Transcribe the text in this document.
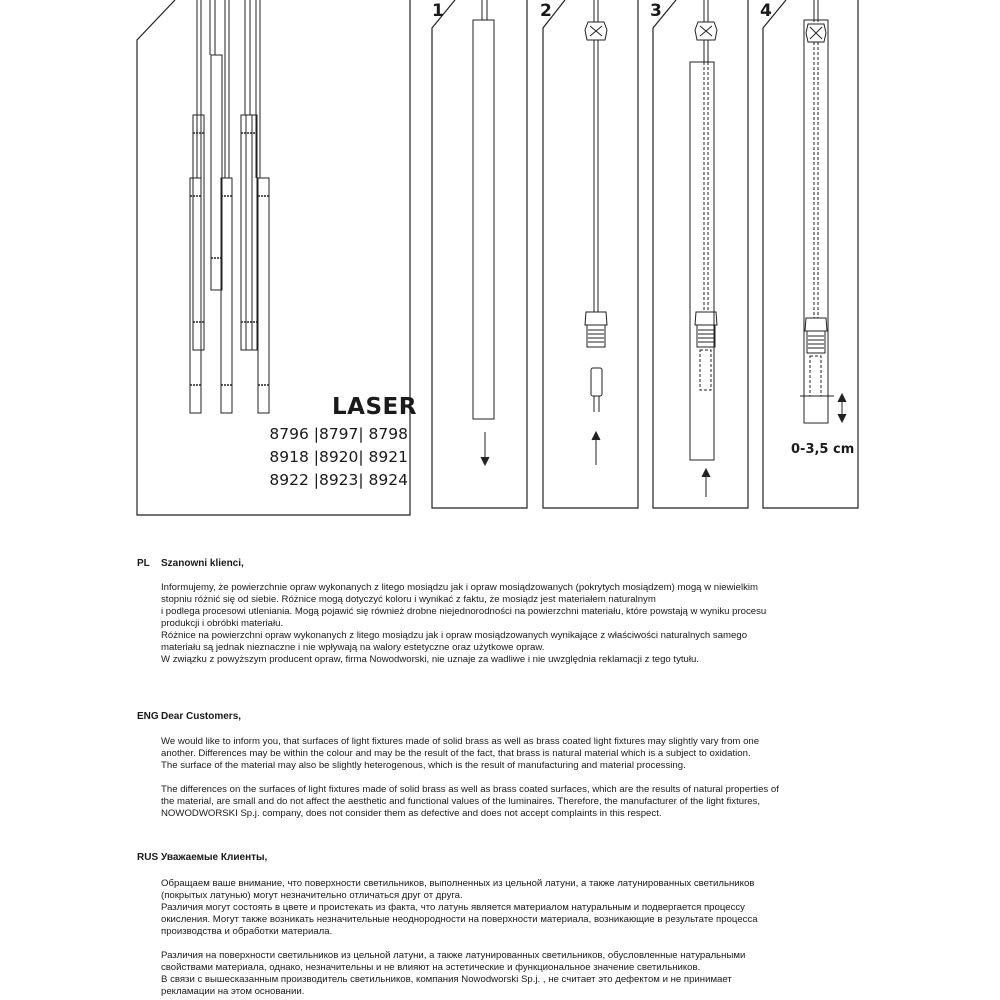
LASER
8796 |8797| 8798
8918 |8920| 8921
8922 |8923| 8924
1	2	3	4
0-3,5 cm
PL Szanowni klienci,
Informujemy, że powierzchnie opraw wykonanych z litego mosiądzu jak i opraw mosiądzowanych (pokrytych mosiądzem) mogą w niewielkim
stopniu różnić się od siebie. Różnice mogą dotyczyć koloru i wynikać z faktu, że mosiądz jest materiałem naturalnym
i podlega procesowi utleniania. Mogą pojawić się również drobne niejednorodności na powierzchni materiału, które powstają w wyniku procesu
produkcji i obróbki materiału.
Różnice na powierzchni opraw wykonanych z litego mosiądzu jak i opraw mosiądzowanych wynikające z właściwości naturalnych samego
materiału są jednak nieznaczne i nie wpływają na walory estetyczne oraz użytkowe opraw.
W związku z powyższym producent opraw, firma Nowodworski, nie uznaje za wadliwe i nie uwzględnia reklamacji z tego tytułu.
ENG Dear Customers,
We would like to inform you, that surfaces of light fixtures made of solid brass as well as brass coated light fixtures may slightly vary from one
another. Differences may be within the colour and may be the result of the fact, that brass is natural material which is a subject to oxidation.
The surface of the material may also be slightly heterogenous, which is the result of manufacturing and material processing.
The differences on the surfaces of light fixtures made of solid brass as well as brass coated surfaces, which are the results of natural properties of
the material, are small and do not affect the aesthetic and functional values of the luminaires. Therefore, the manufacturer of the light fixtures,
NOWODWORSKI Sp.j. company, does not consider them as defective and does not accept complaints in this respect.
RUS Уважаемые Клиенты,
Обращаем ваше внимание, что поверхности светильников, выполненных из цельной латуни, а также латунированных светильников
(покрытых латунью) могут незначительно отличаться друг от друга.
Различия могут состоять в цвете и проистекать из факта, что латунь является материалом натуральным и подвергается процессу
окисления. Могут также возникать незначительные неоднородности на поверхности материала, возникающие в результате процесса
производства и обработки материала.
Различия на поверхности светильников из цельной латуни, а также латунированных светильников, обусловленные натуральными
свойствами материала, однако, незначительны и не влияют на эстетические и функциональное значение светильников.
В связи с вышесказанным производитель светильников, компания Nowodworski Sp.j. , не считает это дефектом и не принимает
рекламации на этом основании.
